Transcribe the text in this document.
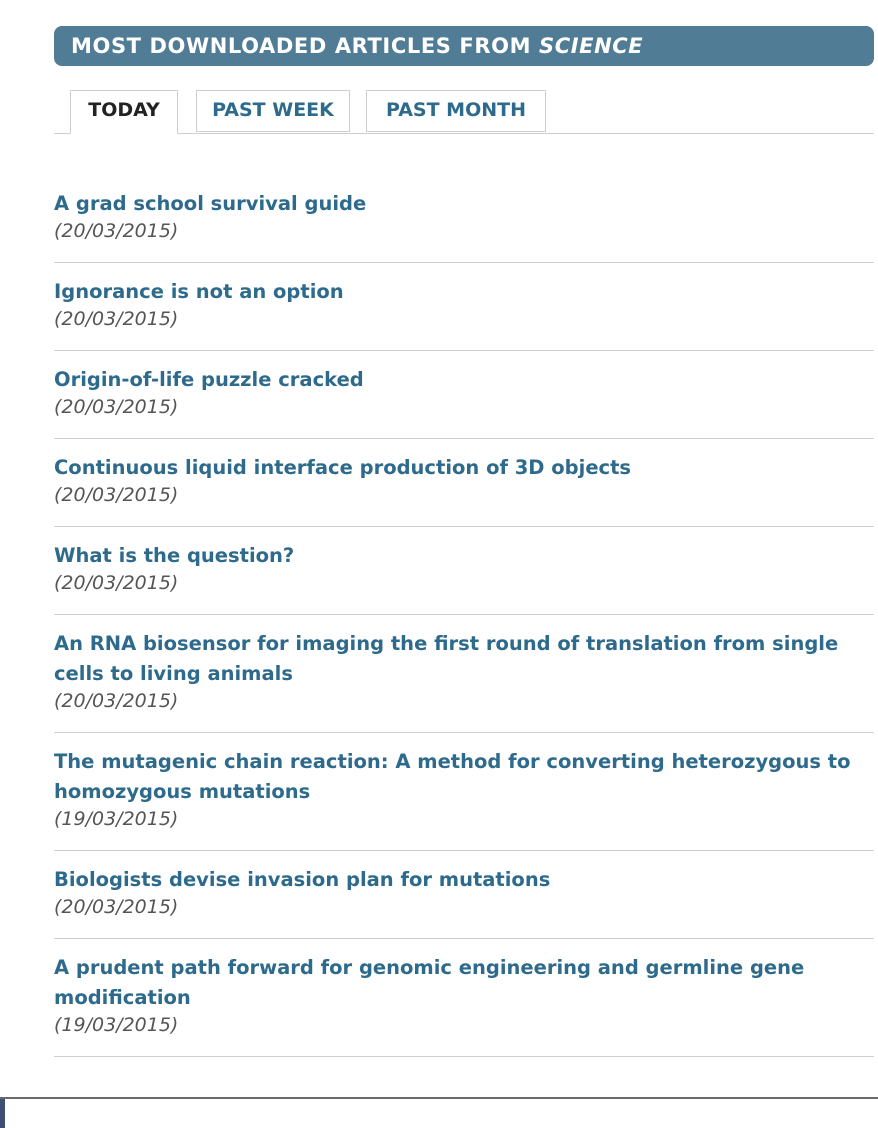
MOST DOWNLOADED ARTICLES FROM SCIENCE
TODAY	PAST WEEK	PAST MONTH
A grad school survival guide
(20/03/2015)
Ignorance is not an option
(20/03/2015)
Origin-of-life puzzle cracked
(20/03/2015)
Continuous liquid interface production of 3D objects
(20/03/2015)
What is the question?
(20/03/2015)
An RNA biosensor for imaging the first round of translation from single cells to living animals
(20/03/2015)
The mutagenic chain reaction: A method for converting heterozygous to homozygous mutations
(19/03/2015)
Biologists devise invasion plan for mutations
(20/03/2015)
A prudent path forward for genomic engineering and germline gene modification
(19/03/2015)
